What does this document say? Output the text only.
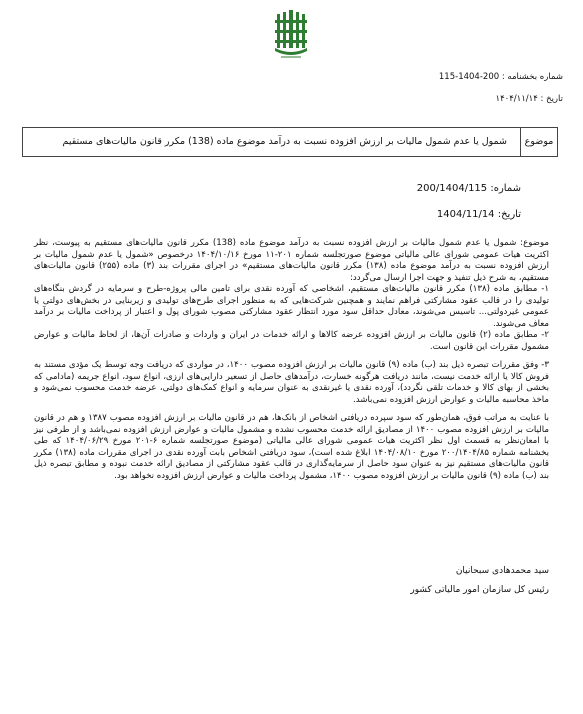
شماره بخشنامه : 200-1404-115
تاریخ : ۱۴۰۴/۱۱/۱۴
موضوع
شمول یا عدم شمول مالیات بر ارزش افزوده نسبت به درآمد موضوع ماده (138) مکرر قانون مالیات‌های مستقیم
شماره: 200/1404/115
تاریخ: 1404/11/14

موضوع: شمول یا عدم شمول مالیات بر ارزش افزوده نسبت به درآمد موضوع ماده (138) مکرر قانون مالیات‌های مستقیم به پیوست، نظر اکثریت هیات عمومی شورای عالی مالیاتی موضوع صورتجلسه شماره ۲۰۱-۱۱ مورخ ۱۴۰۴/۱۰/۱۶ درخصوص «شمول یا عدم شمول مالیات بر ارزش افزوده نسبت به درآمد موضوع ماده (۱۳۸) مکرر قانون مالیات‌های مستقیم» در اجرای مقررات بند (۳) ماده (۲۵۵) قانون مالیات‌های مستقیم، به شرح ذیل تنفیذ و جهت اجرا ارسال می‌گردد:

۱- مطابق ماده (۱۳۸) مکرر قانون مالیات‌های مستقیم، اشخاصی که آورده نقدی برای تامین مالی پروژه-طرح و سرمایه در گردش بنگاه‌های تولیدی را در قالب عقود مشارکتی فراهم نمایند و همچنین شرکت‌هایی که به منظور اجرای طرح‌های تولیدی و زیربنایی در بخش‌های دولتی یا عمومی غیردولتی... تاسیس می‌شوند، معادل حداقل سود مورد انتظار عقود مشارکتی مصوب شورای پول و اعتبار از پرداخت مالیات بر درآمد معاف می‌شوند.

۲- مطابق ماده (۲) قانون مالیات بر ارزش افزوده عرضه کالاها و ارائه خدمات در ایران و واردات و صادرات آن‌ها، از لحاظ مالیات و عوارض مشمول مقررات این قانون است.

۳- وفق مقررات تبصره ذیل بند (ب) ماده (۹) قانون مالیات بر ارزش افزوده مصوب ۱۴۰۰، در مواردی که دریافت وجه توسط یک مؤدی مستند به فروش کالا یا ارائه خدمت نیست، مانند دریافت هرگونه خسارت، درآمدهای حاصل از تسعیر دارایی‌های ارزی، انواع سود، انواع جریمه (مادامی که بخشی از بهای کالا و خدمات تلقی نگردد)، آورده نقدی یا غیرنقدی به عنوان سرمایه و انواع کمک‌های دولتی، عرضه خدمت محسوب نمی‌شود و ماخذ محاسبه مالیات و عوارض ارزش افزوده نمی‌باشد.

با عنایت به مراتب فوق، همان‌طور که سود سپرده دریافتی اشخاص از بانک‌ها، هم در قانون مالیات بر ارزش افزوده مصوب ۱۳۸۷ و هم در قانون مالیات بر ارزش افزوده مصوب ۱۴۰۰ از مصادیق ارائه خدمت محسوب نشده و مشمول مالیات و عوارض ارزش افزوده نمی‌باشد و از طرفی نیز با امعان‌نظر به قسمت اول نظر اکثریت هیات عمومی شورای عالی مالیاتی (موضوع صورتجلسه شماره ۶-۲۰۱ مورخ ۱۴۰۴/۰۶/۲۹ که طی بخشنامه شماره ۲۰۰/۱۴۰۴/۸۵ مورخ ۱۴۰۴/۰۸/۱۰ ابلاغ شده است)، سود دریافتی اشخاص بابت آورده نقدی در اجرای مقررات ماده (۱۳۸) مکرر قانون مالیات‌های مستقیم نیز به عنوان سود حاصل از سرمایه‌گذاری در قالب عقود مشارکتی از مصادیق ارائه خدمت نبوده و مطابق تبصره ذیل بند (ب) ماده (۹) قانون مالیات بر ارزش افزوده مصوب ۱۴۰۰، مشمول پرداخت مالیات و عوارض ارزش افزوده نخواهد بود.

سید محمدهادی سبحانیان
رئیس کل سازمان امور مالیاتی کشور
